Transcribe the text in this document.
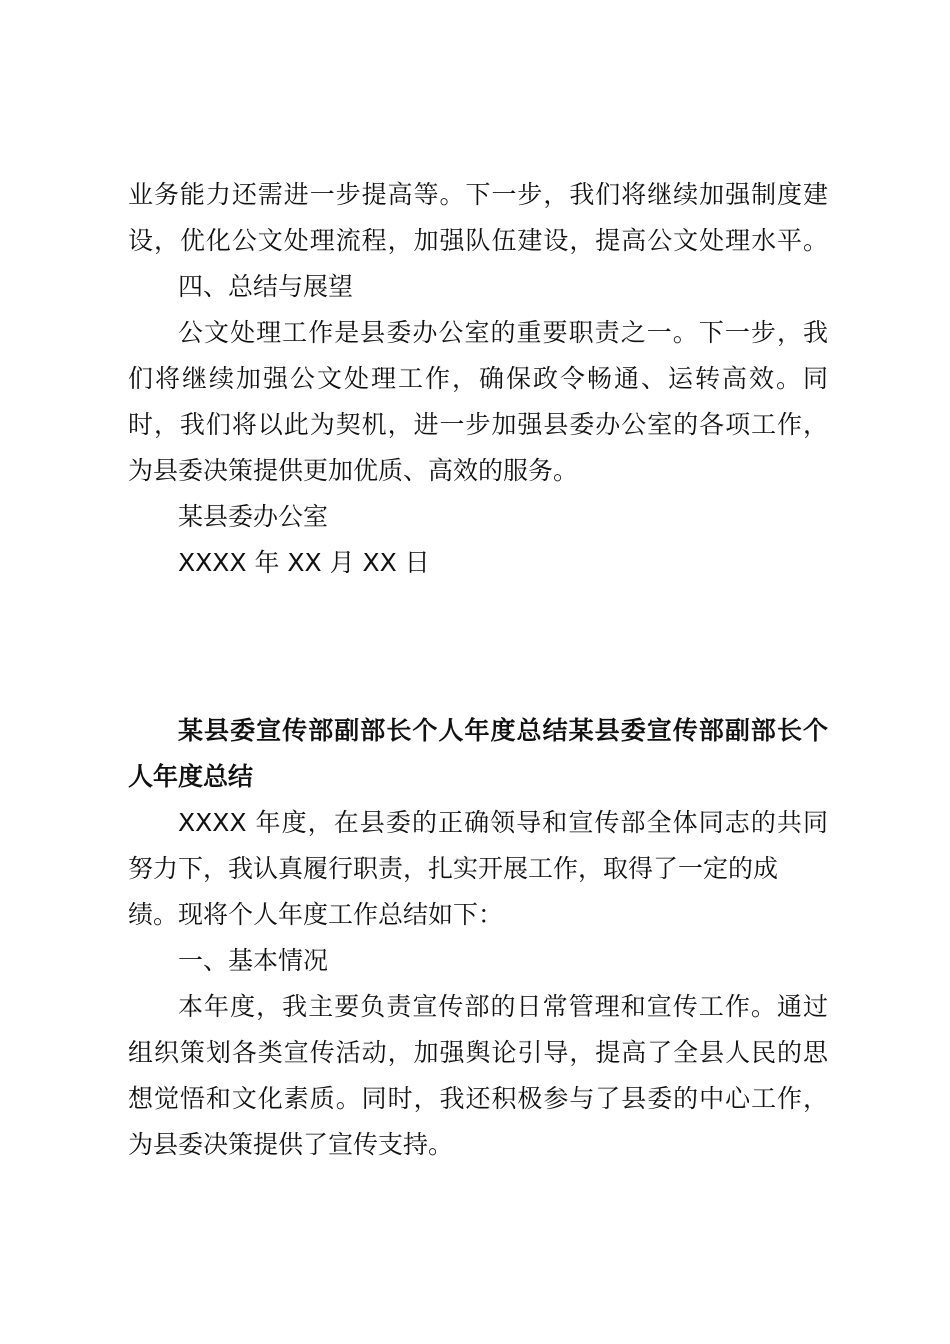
业务能力还需进一步提高等。下一步，我们将继续加强制度建
设，优化公文处理流程，加强队伍建设，提高公文处理水平。
四、总结与展望
公文处理工作是县委办公室的重要职责之一。下一步，我
们将继续加强公文处理工作，确保政令畅通、运转高效。同
时，我们将以此为契机，进一步加强县委办公室的各项工作，
为县委决策提供更加优质、高效的服务。
某县委办公室
XXXX 年 XX 月 XX 日
某县委宣传部副部长个人年度总结某县委宣传部副部长个
人年度总结
XXXX 年度，在县委的正确领导和宣传部全体同志的共同
努力下，我认真履行职责，扎实开展工作，取得了一定的成
绩。现将个人年度工作总结如下：
一、基本情况
本年度，我主要负责宣传部的日常管理和宣传工作。通过
组织策划各类宣传活动，加强舆论引导，提高了全县人民的思
想觉悟和文化素质。同时，我还积极参与了县委的中心工作，
为县委决策提供了宣传支持。
